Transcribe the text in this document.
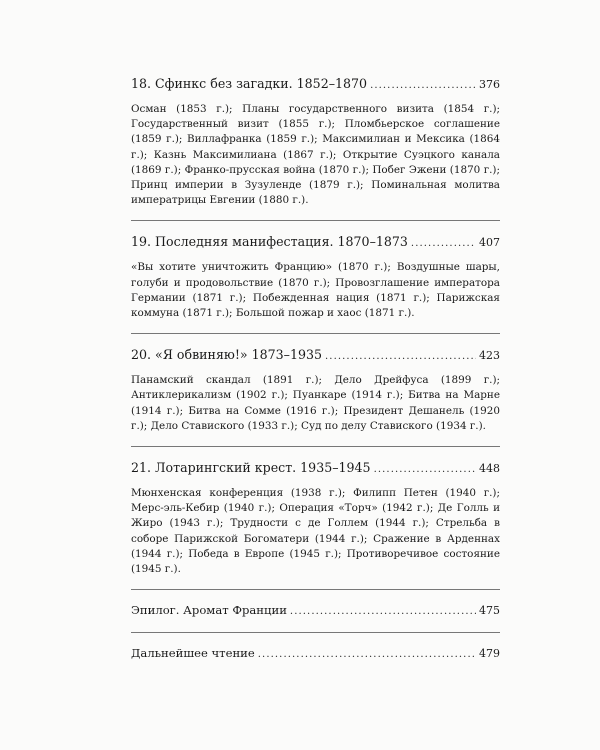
18. Сфинкс без загадки. 1852–1870 .....	376

Осман (1853 г.); Планы государственного визита (1854 г.); Государственный визит (1855 г.); Пломбьерское соглашение (1859 г.); Виллафранка (1859 г.); Максимилиан и Мексика (1864 г.); Казнь Максимилиана (1867 г.); Открытие Суэцкого канала (1869 г.); Франко-прусская война (1870 г.); Побег Эжени (1870 г.); Принц империи в Зузуленде (1879 г.); Поминальная молитва императрицы Евгении (1880 г.).

19. Последняя манифестация. 1870–1873 .....	407

«Вы хотите уничтожить Францию» (1870 г.); Воздушные шары, голуби и продовольствие (1870 г.); Провозглашение императора Германии (1871 г.); Побежденная нация (1871 г.); Парижская коммуна (1871 г.); Большой пожар и хаос (1871 г.).

20. «Я обвиняю!» 1873–1935 .....	423

Панамский скандал (1891 г.); Дело Дрейфуса (1899 г.); Антиклерикализм (1902 г.); Пуанкаре (1914 г.); Битва на Марне (1914 г.); Битва на Сомме (1916 г.); Президент Дешанель (1920 г.); Дело Ставиского (1933 г.); Суд по делу Ставиского (1934 г.).

21. Лотарингский крест. 1935–1945 .....	448

Мюнхенская конференция (1938 г.); Филипп Петен (1940 г.); Мерс-эль-Кебир (1940 г.); Операция «Торч» (1942 г.); Де Голль и Жиро (1943 г.); Трудности с де Голлем (1944 г.); Стрельба в соборе Парижской Богоматери (1944 г.); Сражение в Арденнах (1944 г.); Победа в Европе (1945 г.); Противоречивое состояние (1945 г.).

Эпилог. Аромат Франции .....	475
Дальнейшее чтение .....	479
